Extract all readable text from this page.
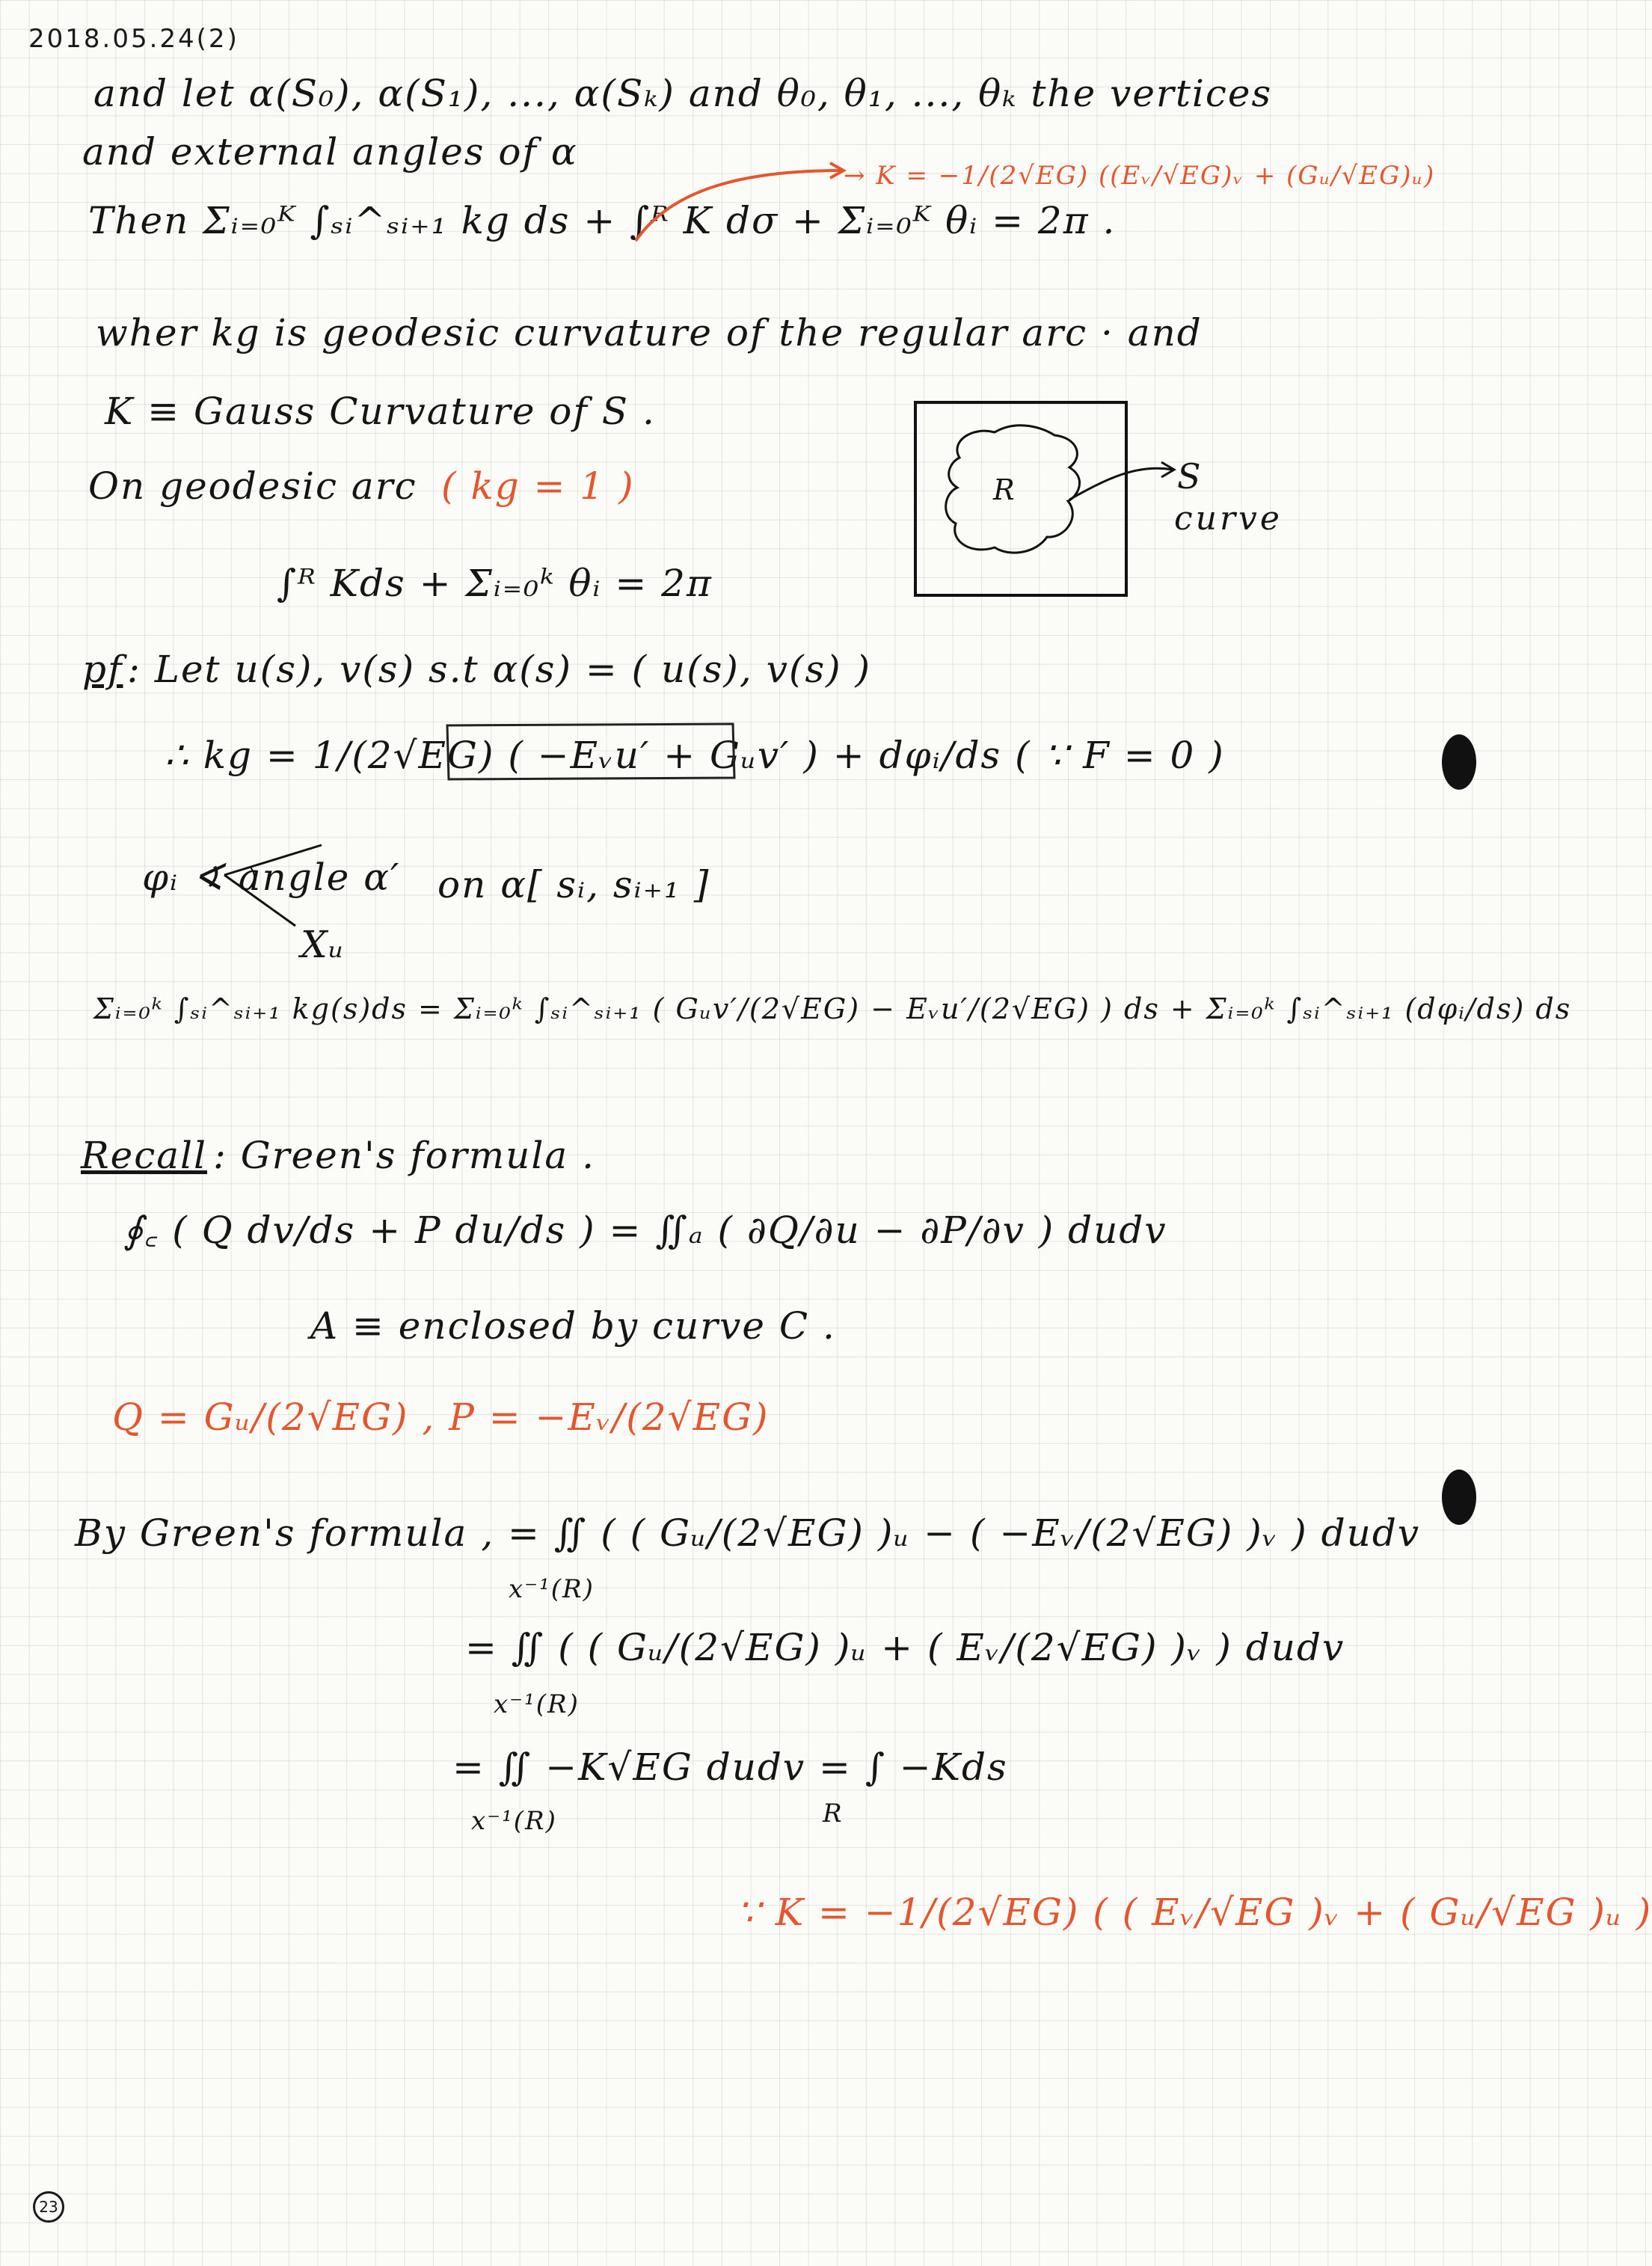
2018.05.24(2)
and let α(S₀), α(S₁), ..., α(Sₖ) and θ₀, θ₁, ..., θₖ the vertices
and external angles of α
→ K = −1/(2√EG) ((Eᵥ/√EG)ᵥ + (Gᵤ/√EG)ᵤ)
Then Σᵢ₌₀ᴷ ∫ₛᵢ^ₛᵢ₊₁ kg ds + ∫ᴿ K dσ + Σᵢ₌₀ᴷ θᵢ = 2π .
wher kg is geodesic curvature of the regular arc · and
K ≡ Gauss Curvature of S .
On geodesic arc ( kg = 1 )
∫ᴿ Kds + Σᵢ₌₀ᵏ θᵢ = 2π
pf : Let u(s), v(s) s.t α(s) = ( u(s), v(s) )
∴ kg = 1/(2√EG) ( −Eᵥu′ + Gᵤv′ ) + dφᵢ/ds ( ∵ F = 0 )
φᵢ ∢ angle α′ on α[ sᵢ, sᵢ₊₁ ]
Xᵤ
Σᵢ₌₀ᵏ ∫ₛᵢ^ₛᵢ₊₁ kg(s)ds = Σᵢ₌₀ᵏ ∫ₛᵢ^ₛᵢ₊₁ ( Gᵤv′/(2√EG) − Eᵥu′/(2√EG) ) ds + Σᵢ₌₀ᵏ ∫ₛᵢ^ₛᵢ₊₁ (dφᵢ/ds) ds
Recall : Green's formula .
∮꜀ ( Q dv/ds + P du/ds ) = ∬ₐ ( ∂Q/∂u − ∂P/∂v ) dudv
A ≡ enclosed by curve C .
Q = Gᵤ/(2√EG) , P = −Eᵥ/(2√EG)
By Green's formula , = ∬ ( ( Gᵤ/(2√EG) )ᵤ − ( −Eᵥ/(2√EG) )ᵥ ) dudv
x⁻¹(R)
= ∬ ( ( Gᵤ/(2√EG) )ᵤ + ( Eᵥ/(2√EG) )ᵥ ) dudv
x⁻¹(R)
= ∬ −K√EG dudv = ∫ −Kds
x⁻¹(R)	R
∵ K = −1/(2√EG) ( ( Eᵥ/√EG )ᵥ + ( Gᵤ/√EG )ᵤ )
R	S
curve
23
